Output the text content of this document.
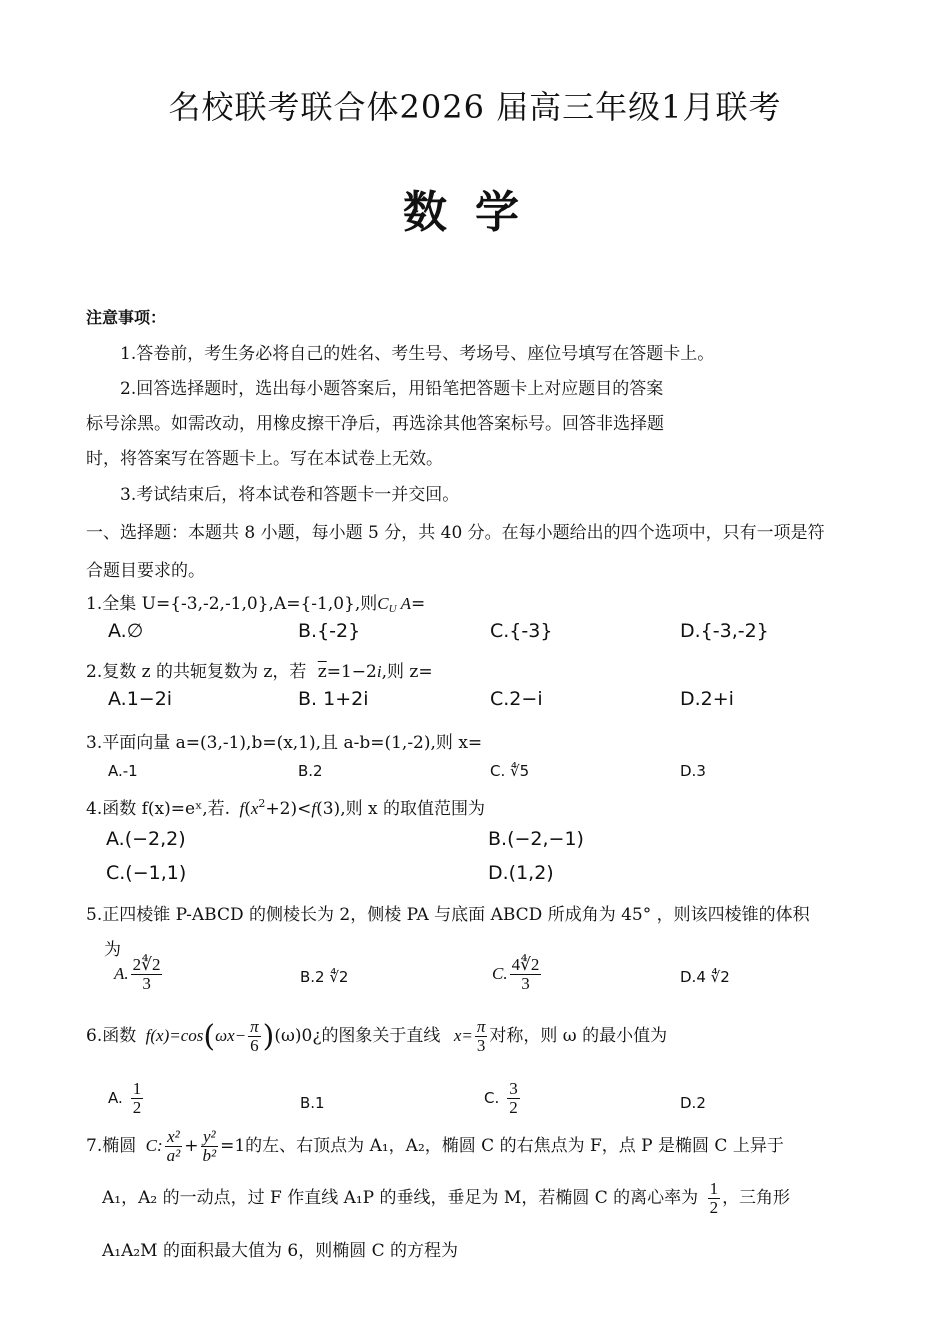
名校联考联合体2026 届高三年级1月联考
数学
注意事项：
1.答卷前，考生务必将自己的姓名、考生号、考场号、座位号填写在答题卡上。
2.回答选择题时，选出每小题答案后，用铅笔把答题卡上对应题目的答案
标号涂黑。如需改动，用橡皮擦干净后，再选涂其他答案标号。回答非选择题
时，将答案写在答题卡上。写在本试卷上无效。
3.考试结束后，将本试卷和答题卡一并交回。
一、选择题：本题共 8 小题，每小题 5 分，共 40 分。在每小题给出的四个选项中，只有一项是符
合题目要求的。
1.全集 U={-3,-2,-1,0},A={-1,0},则$C_U$ A=
A.∅	B.{-2}	C.{-3}	D.{-3,-2}
2.复数 z 的共轭复数为 z，若 $\overline{z}=1-2i$,则 z=
A.1−2i	B. 1+2i	C.2−i	D.2+i
3.平面向量 a=(3,-1),b=(x,1),且 a-b=(1,-2),则 x=
A.-1	B.2	C. ∜5	D.3
4.函数 f(x)=eˣ,若. $f(x^2+2)<f(3)$,则 x 的取值范围为
A.(−2,2)	B.(−2,−1)
C.(−1,1)	D.(1,2)
5.正四棱锥 P-ABCD 的侧棱长为 2，侧棱 PA 与底面 ABCD 所成角为 45° ，则该四棱锥的体积
为
A. $\frac{2∜2}{3}$	B.2 ∜2	C. $\frac{4∜2}{3}$	D.4 ∜2
6.函数 $f(x)=\cos(\omega x- \frac{\pi}{6}$ )(ω)0¿的图象关于直线 $x= \frac{\pi}{3}$ 对称，则 ω 的最小值为
A. $\frac{1}{2}$	B.1	C. $\frac{3}{2}$	D.2
7.椭圆 C: $\frac{\text{x²}}{\text{a²}} + \frac{\text{y²}}{\text{b²}} =1$的左、右顶点为 A₁，A₂，椭圆 C 的右焦点为 F，点 P 是椭圆 C 上异于
A₁，A₂ 的一动点，过 F 作直线 A₁P 的垂线，垂足为 M，若椭圆 C 的离心率为 $\frac{1}{2}$ ，三角形
A₁A₂M 的面积最大值为 6，则椭圆 C 的方程为
